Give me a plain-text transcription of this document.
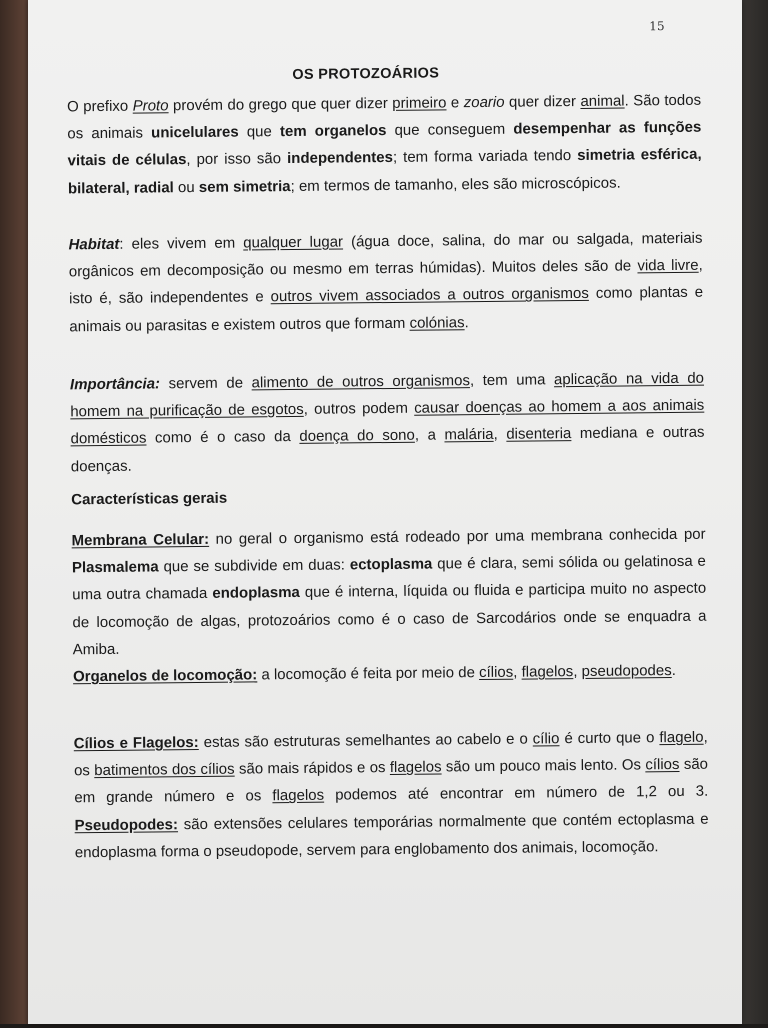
15
OS PROTOZOÁRIOS

O prefixo Proto provém do grego que quer dizer primeiro e zoario quer dizer animal. São todos os animais unicelulares que tem organelos que conseguem desempenhar as funções vitais de células, por isso são independentes; tem forma variada tendo simetria esférica, bilateral, radial ou sem simetria; em termos de tamanho, eles são microscópicos.

Habitat: eles vivem em qualquer lugar (água doce, salina, do mar ou salgada, materiais orgânicos em decomposição ou mesmo em terras húmidas). Muitos deles são de vida livre, isto é, são independentes e outros vivem associados a outros organismos como plantas e animais ou parasitas e existem outros que formam colónias.

Importância: servem de alimento de outros organismos, tem uma aplicação na vida do homem na purificação de esgotos, outros podem causar doenças ao homem a aos animais domésticos como é o caso da doença do sono, a malária, disenteria mediana e outras doenças.

Características gerais

Membrana Celular: no geral o organismo está rodeado por uma membrana conhecida por Plasmalema que se subdivide em duas: ectoplasma que é clara, semi sólida ou gelatinosa e uma outra chamada endoplasma que é interna, líquida ou fluida e participa muito no aspecto de locomoção de algas, protozoários como é o caso de Sarcodários onde se enquadra a Amiba.

Organelos de locomoção: a locomoção é feita por meio de cílios, flagelos, pseudopodes.

Cílios e Flagelos: estas são estruturas semelhantes ao cabelo e o cílio é curto que o flagelo, os batimentos dos cílios são mais rápidos e os flagelos são um pouco mais lento. Os cílios são em grande número e os flagelos podemos até encontrar em número de 1,2 ou 3. Pseudopodes: são extensões celulares temporárias normalmente que contém ectoplasma e endoplasma forma o pseudopode, servem para englobamento dos animais, locomoção.
